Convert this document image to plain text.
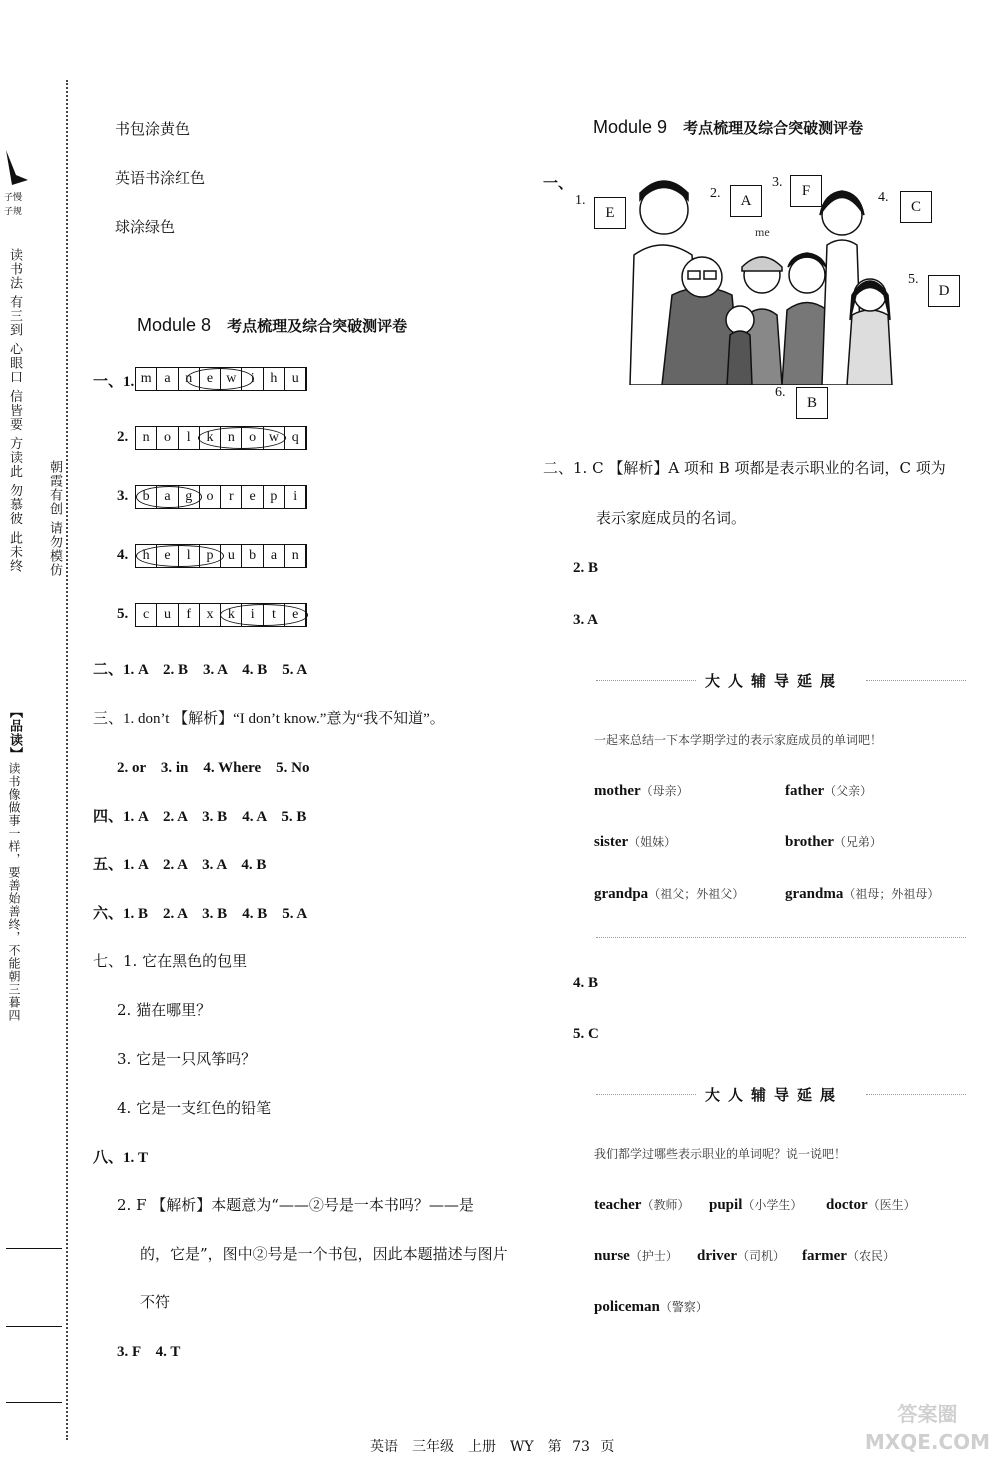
子慢
子规
读书法 有三到 心眼口 信皆要 方读此 勿慕彼 此未终
朝霞有创 请勿模仿
【品读】
读书像做事一样，要善始善终，不能朝三暮四
书包涂黄色
英语书涂红色
球涂绿色
Module 8 考点梳理及综合突破测评卷
一、1. m a	n	e w	i	h	u
2.	n	o	l	k	n	o w q
3.	b	a	g	o	r	e	p	i
4.	h	e	l	p	u	b	a	n
5.	c	u	f	x	k	i	t	e
二、1. A　2. B　3. A　4. B　5. A
三、1. don’t 【解析】“I don’t know.”意为“我不知道”。
2. or　3. in　4. Where　5. No
四、1. A　2. A　3. B　4. A　5. B
五、1. A　2. A　3. A　4. B
六、1. B　2. A　3. B　4. B　5. A
七、1. 它在黑色的包里
2. 猫在哪里？
3. 它是一只风筝吗？
4. 它是一支红色的铅笔
八、1. T
2. F 【解析】本题意为“——②号是一本书吗？——是
的，它是”，图中②号是一个书包，因此本题描述与图片
不符
3. F　4. T
Module 9 考点梳理及综合突破测评卷
一、
me
1.
E
2.	A
3.	F	4.
C
5.
D
6.
B
二、1. C 【解析】A 项和 B 项都是表示职业的名词，C 项为
表示家庭成员的名词。
2. B
3. A
大人辅导延展
一起来总结一下本学期学过的表示家庭成员的单词吧！
mother（母亲）	father（父亲）
sister（姐妹）	brother（兄弟）
grandpa（祖父；外祖父）	grandma（祖母；外祖母）
4. B
5. C
大人辅导延展
我们都学过哪些表示职业的单词呢？说一说吧！
teacher（教师） pupil（小学生） doctor（医生）
nurse（护士） driver（司机） farmer（农民）
policeman（警察）
英语　三年级　上册　WY　第 73 页
答案圈 MXQE.COM
